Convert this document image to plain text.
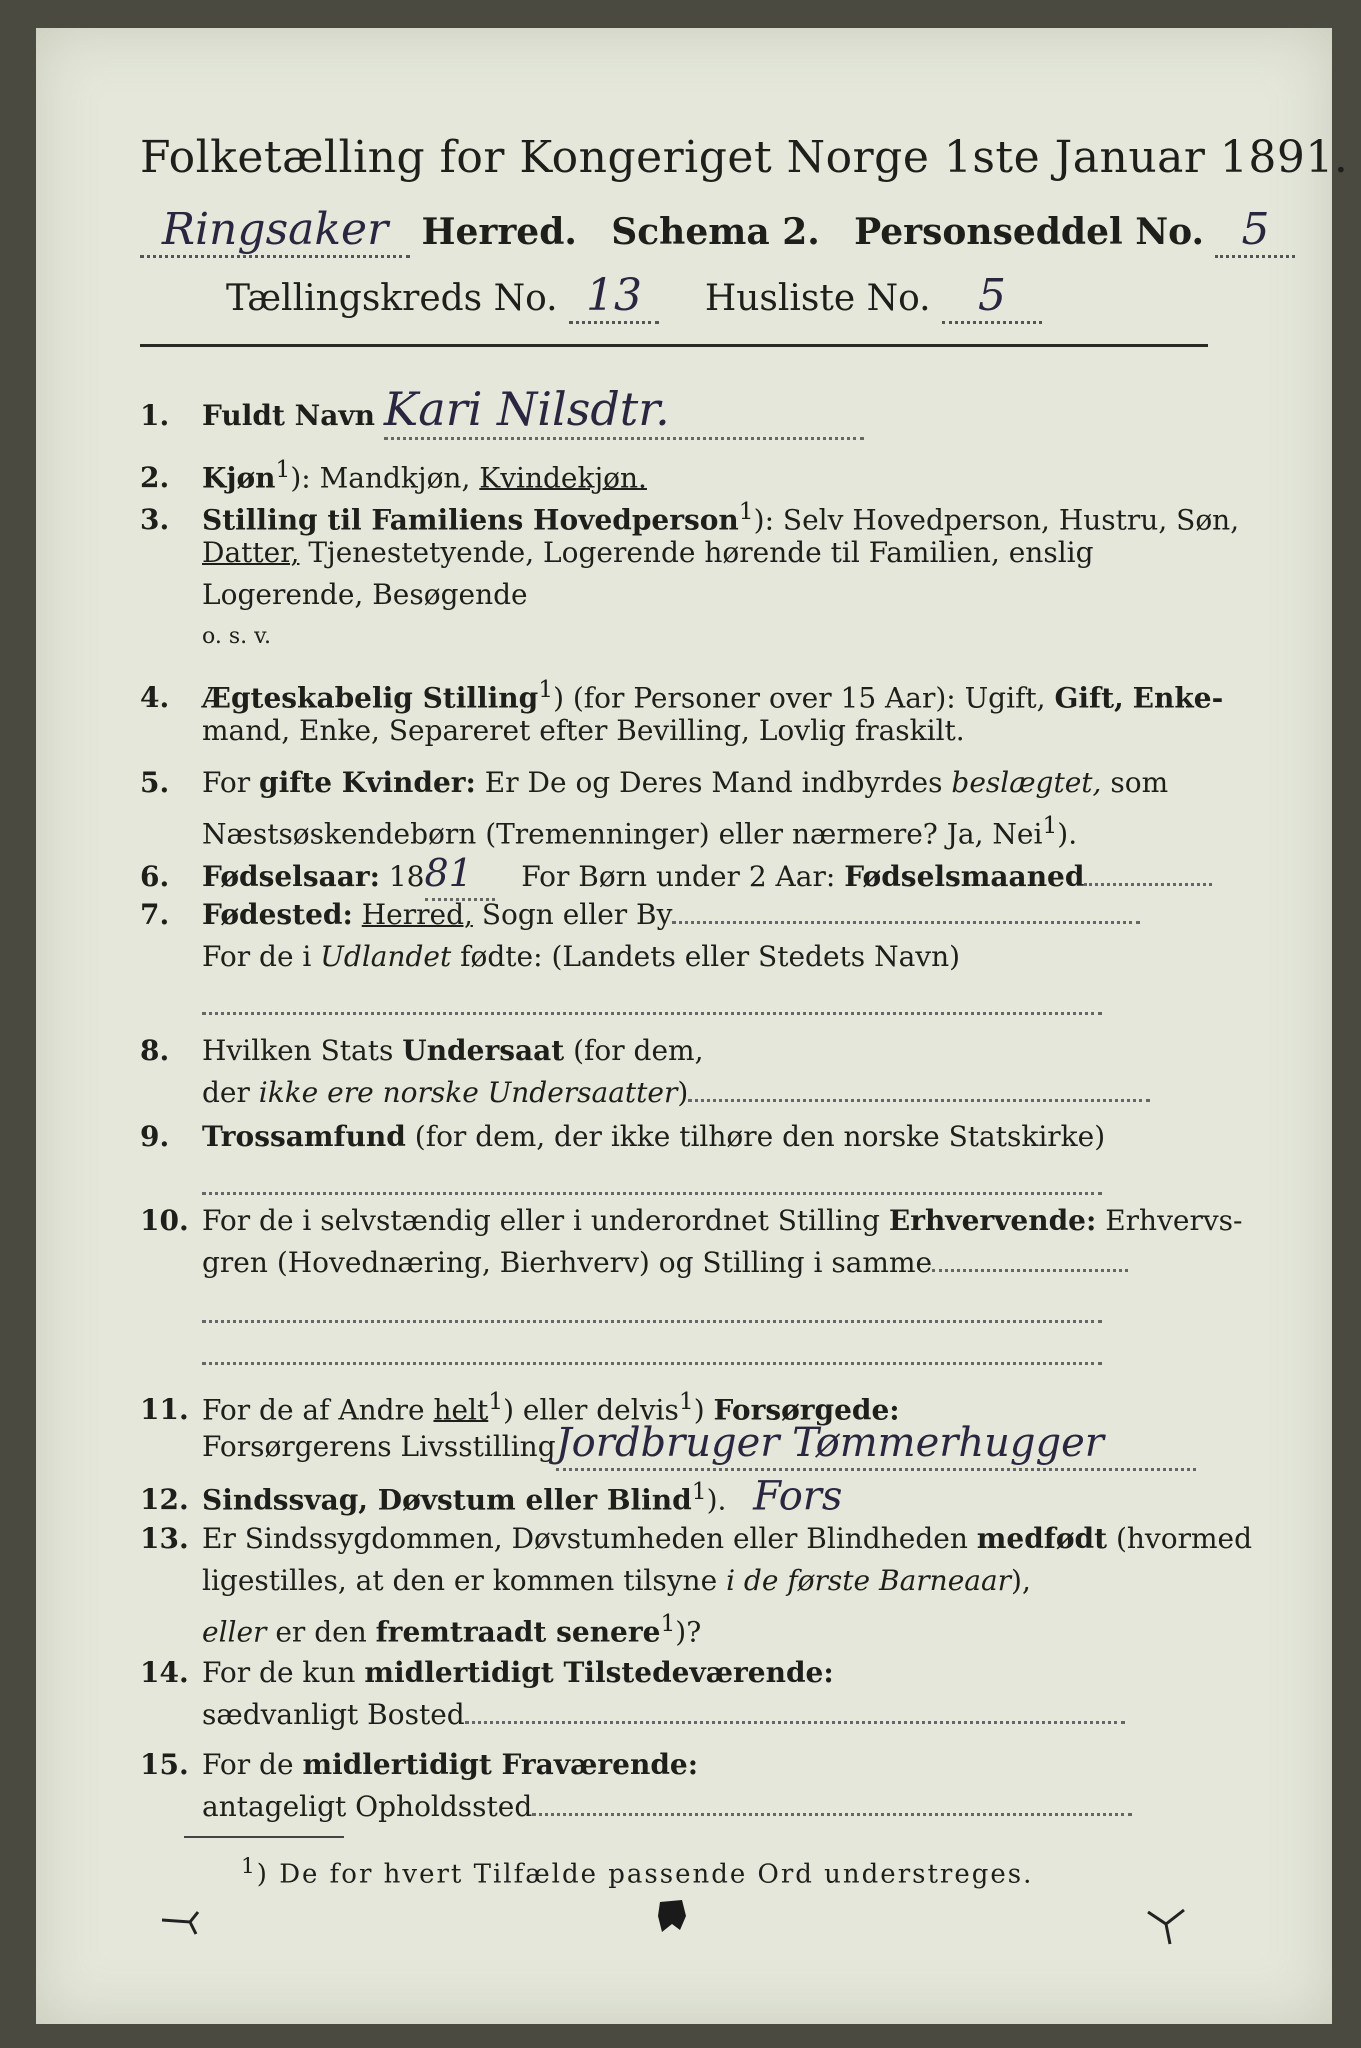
Folketælling for Kongeriget Norge 1ste Januar 1891.
Ringsaker Herred. Schema 2. Personseddel No. 5
Tællingskreds No. 13 Husliste No. 5
1. Fuldt Navn Kari Nilsdtr.
2. Kjøn$^1$): Mandkjøn, Kvindekjøn.
3. Stilling til Familiens Hovedperson$^1$): Selv Hovedperson, Hustru, Søn,
Datter, Tjenestetyende, Logerende hørende til Familien, enslig
Logerende, Besøgende
o. s. v.
4. Ægteskabelig Stilling$^1$) (for Personer over 15 Aar): Ugift, Gift, Enke-
mand, Enke, Separeret efter Bevilling, Lovlig fraskilt.
5. For gifte Kvinder: Er De og Deres Mand indbyrdes beslægtet, som
Næstsøskendebørn (Tremenninger) eller nærmere? Ja, Nei$^1$).
6. Fødselsaar: 1881 For Børn under 2 Aar: Fødselsmaaned
7. Fødested: Herred, Sogn eller By
For de i Udlandet fødte: (Landets eller Stedets Navn)

8. Hvilken Stats Undersaat (for dem,
der ikke ere norske Undersaatter)
9. Trossamfund (for dem, der ikke tilhøre den norske Statskirke)

10. For de i selvstændig eller i underordnet Stilling Erhvervende: Erhvervs-
gren (Hovednæring, Bierhverv) og Stilling i samme

11. For de af Andre helt$^1$) eller delvis$^1$) Forsørgede:
Forsørgerens LivsstillingJordbruger Tømmerhugger
12. Sindssvag, Døvstum eller Blind$^1$). Fors
13. Er Sindssygdommen, Døvstumheden eller Blindheden medfødt (hvormed
ligestilles, at den er kommen tilsyne i de første Barneaar),
eller er den fremtraadt senere$^1$)?
14. For de kun midlertidigt Tilstedeværende:
sædvanligt Bosted
15. For de midlertidigt Fraværende:
antageligt Opholdssted
$^1$) De for hvert Tilfælde passende Ord understreges.
